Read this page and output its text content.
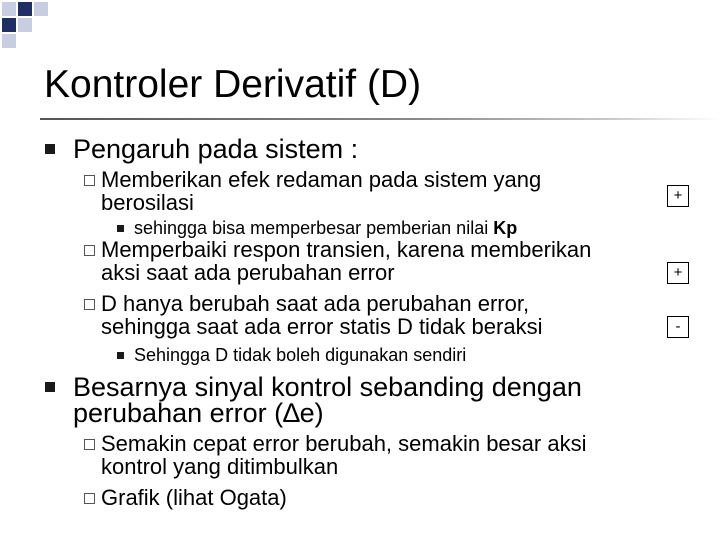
Kontroler Derivatif (D)
Pengaruh pada sistem :
Memberikan efek redaman pada sistem yang
berosilasi
sehingga bisa memperbesar pemberian nilai Kp
Memperbaiki respon transien, karena memberikan
aksi saat ada perubahan error
D hanya berubah saat ada perubahan error,
sehingga saat ada error statis D tidak beraksi
Sehingga D tidak boleh digunakan sendiri
Besarnya sinyal kontrol sebanding dengan
perubahan error (∆e)
Semakin cepat error berubah, semakin besar aksi
kontrol yang ditimbulkan
Grafik (lihat Ogata)
+
+
-
